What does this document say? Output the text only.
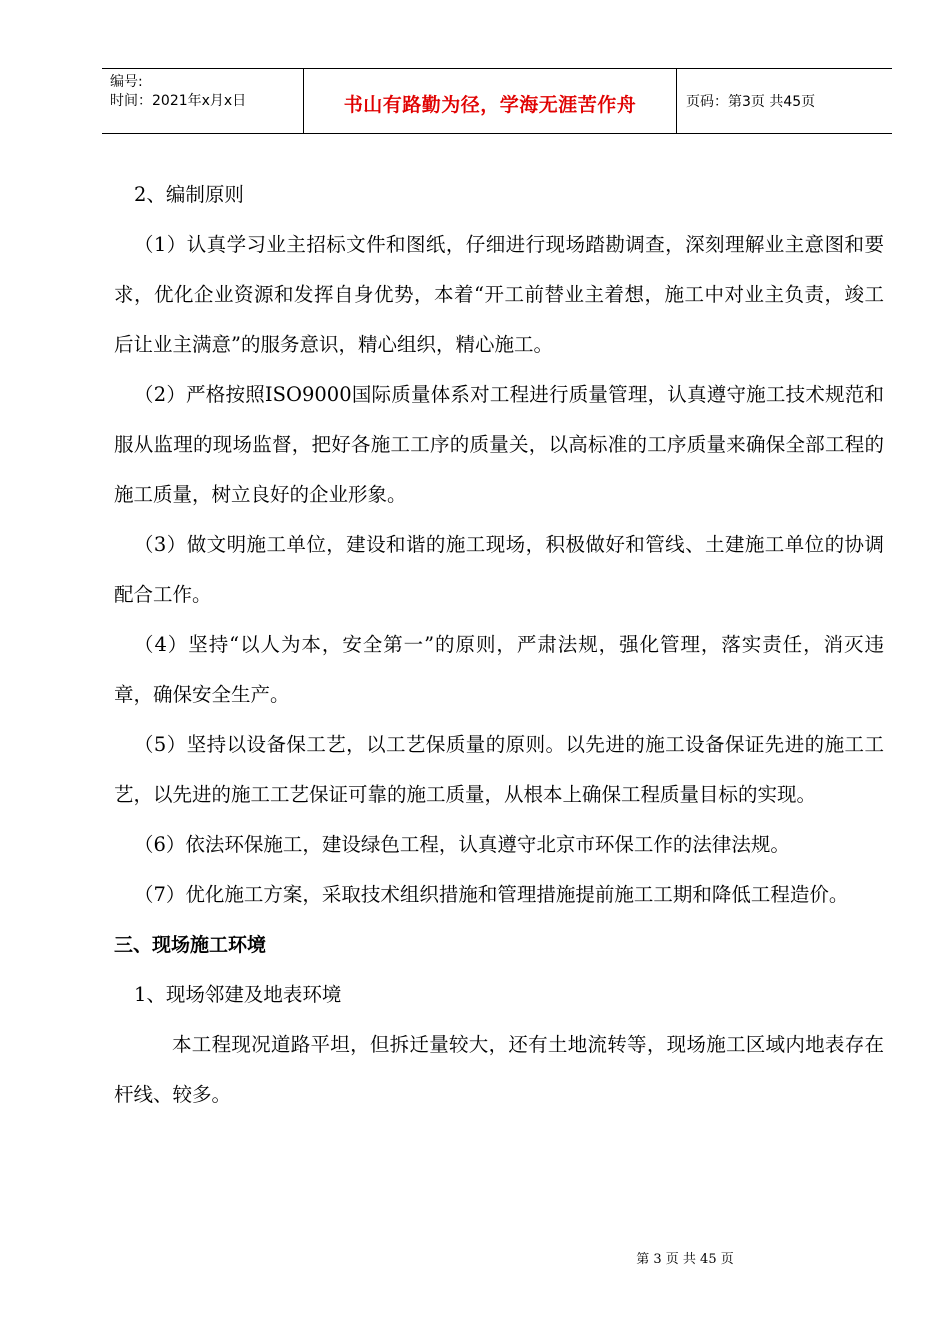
编号:
时间：2021年x月x日	书山有路勤为径，学海无涯苦作舟	页码：第3页 共45页

2、编制原则

（1）认真学习业主招标文件和图纸，仔细进行现场踏勘调查，深刻理解业主意图和要求，优化企业资源和发挥自身优势，本着“开工前替业主着想，施工中对业主负责，竣工后让业主满意”的服务意识，精心组织，精心施工。

（2）严格按照ISO9000国际质量体系对工程进行质量管理，认真遵守施工技术规范和服从监理的现场监督，把好各施工工序的质量关，以高标准的工序质量来确保全部工程的施工质量，树立良好的企业形象。

（3）做文明施工单位，建设和谐的施工现场，积极做好和管线、土建施工单位的协调配合工作。

（4）坚持“以人为本，安全第一”的原则，严肃法规，强化管理，落实责任，消灭违章，确保安全生产。

（5）坚持以设备保工艺，以工艺保质量的原则。以先进的施工设备保证先进的施工工艺，以先进的施工工艺保证可靠的施工质量，从根本上确保工程质量目标的实现。

（6）依法环保施工，建设绿色工程，认真遵守北京市环保工作的法律法规。

（7）优化施工方案，采取技术组织措施和管理措施提前施工工期和降低工程造价。

三、现场施工环境

1、现场邻建及地表环境

本工程现况道路平坦，但拆迁量较大，还有土地流转等，现场施工区域内地表存在杆线、较多。

第 3 页 共 45 页
